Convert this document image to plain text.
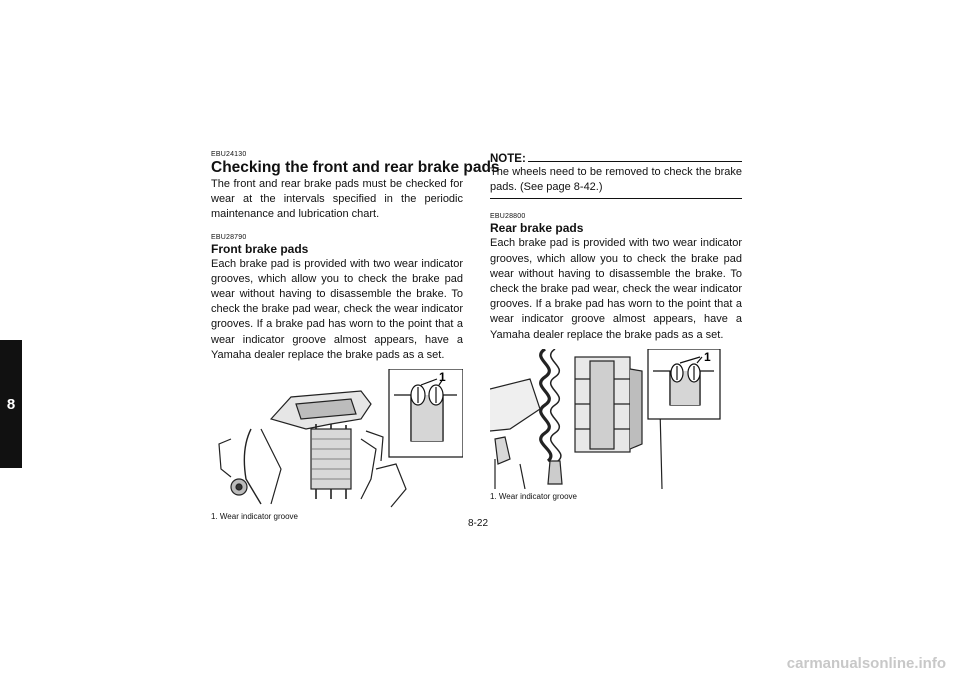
8

EBU24130

Checking the front and rear brake pads

The front and rear brake pads must be checked for wear at the intervals specified in the periodic maintenance and lubrication chart.

EBU28790

Front brake pads

Each brake pad is provided with two wear indicator grooves, which allow you to check the brake pad wear without having to disassemble the brake. To check the brake pad wear, check the wear indicator grooves. If a brake pad has worn to the point that a wear indicator groove almost appears, have a Yamaha dealer replace the brake pads as a set.

1
1. Wear indicator groove
NOTE:

The wheels need to be removed to check the brake pads. (See page 8-42.)

EBU28800

Rear brake pads

Each brake pad is provided with two wear indicator grooves, which allow you to check the brake pad wear without having to disassemble the brake. To check the brake pad wear, check the wear indicator grooves. If a brake pad has worn to the point that a wear indicator groove almost appears, have a Yamaha dealer replace the brake pads as a set.

1
1. Wear indicator groove
8-22
carmanualsonline.info
